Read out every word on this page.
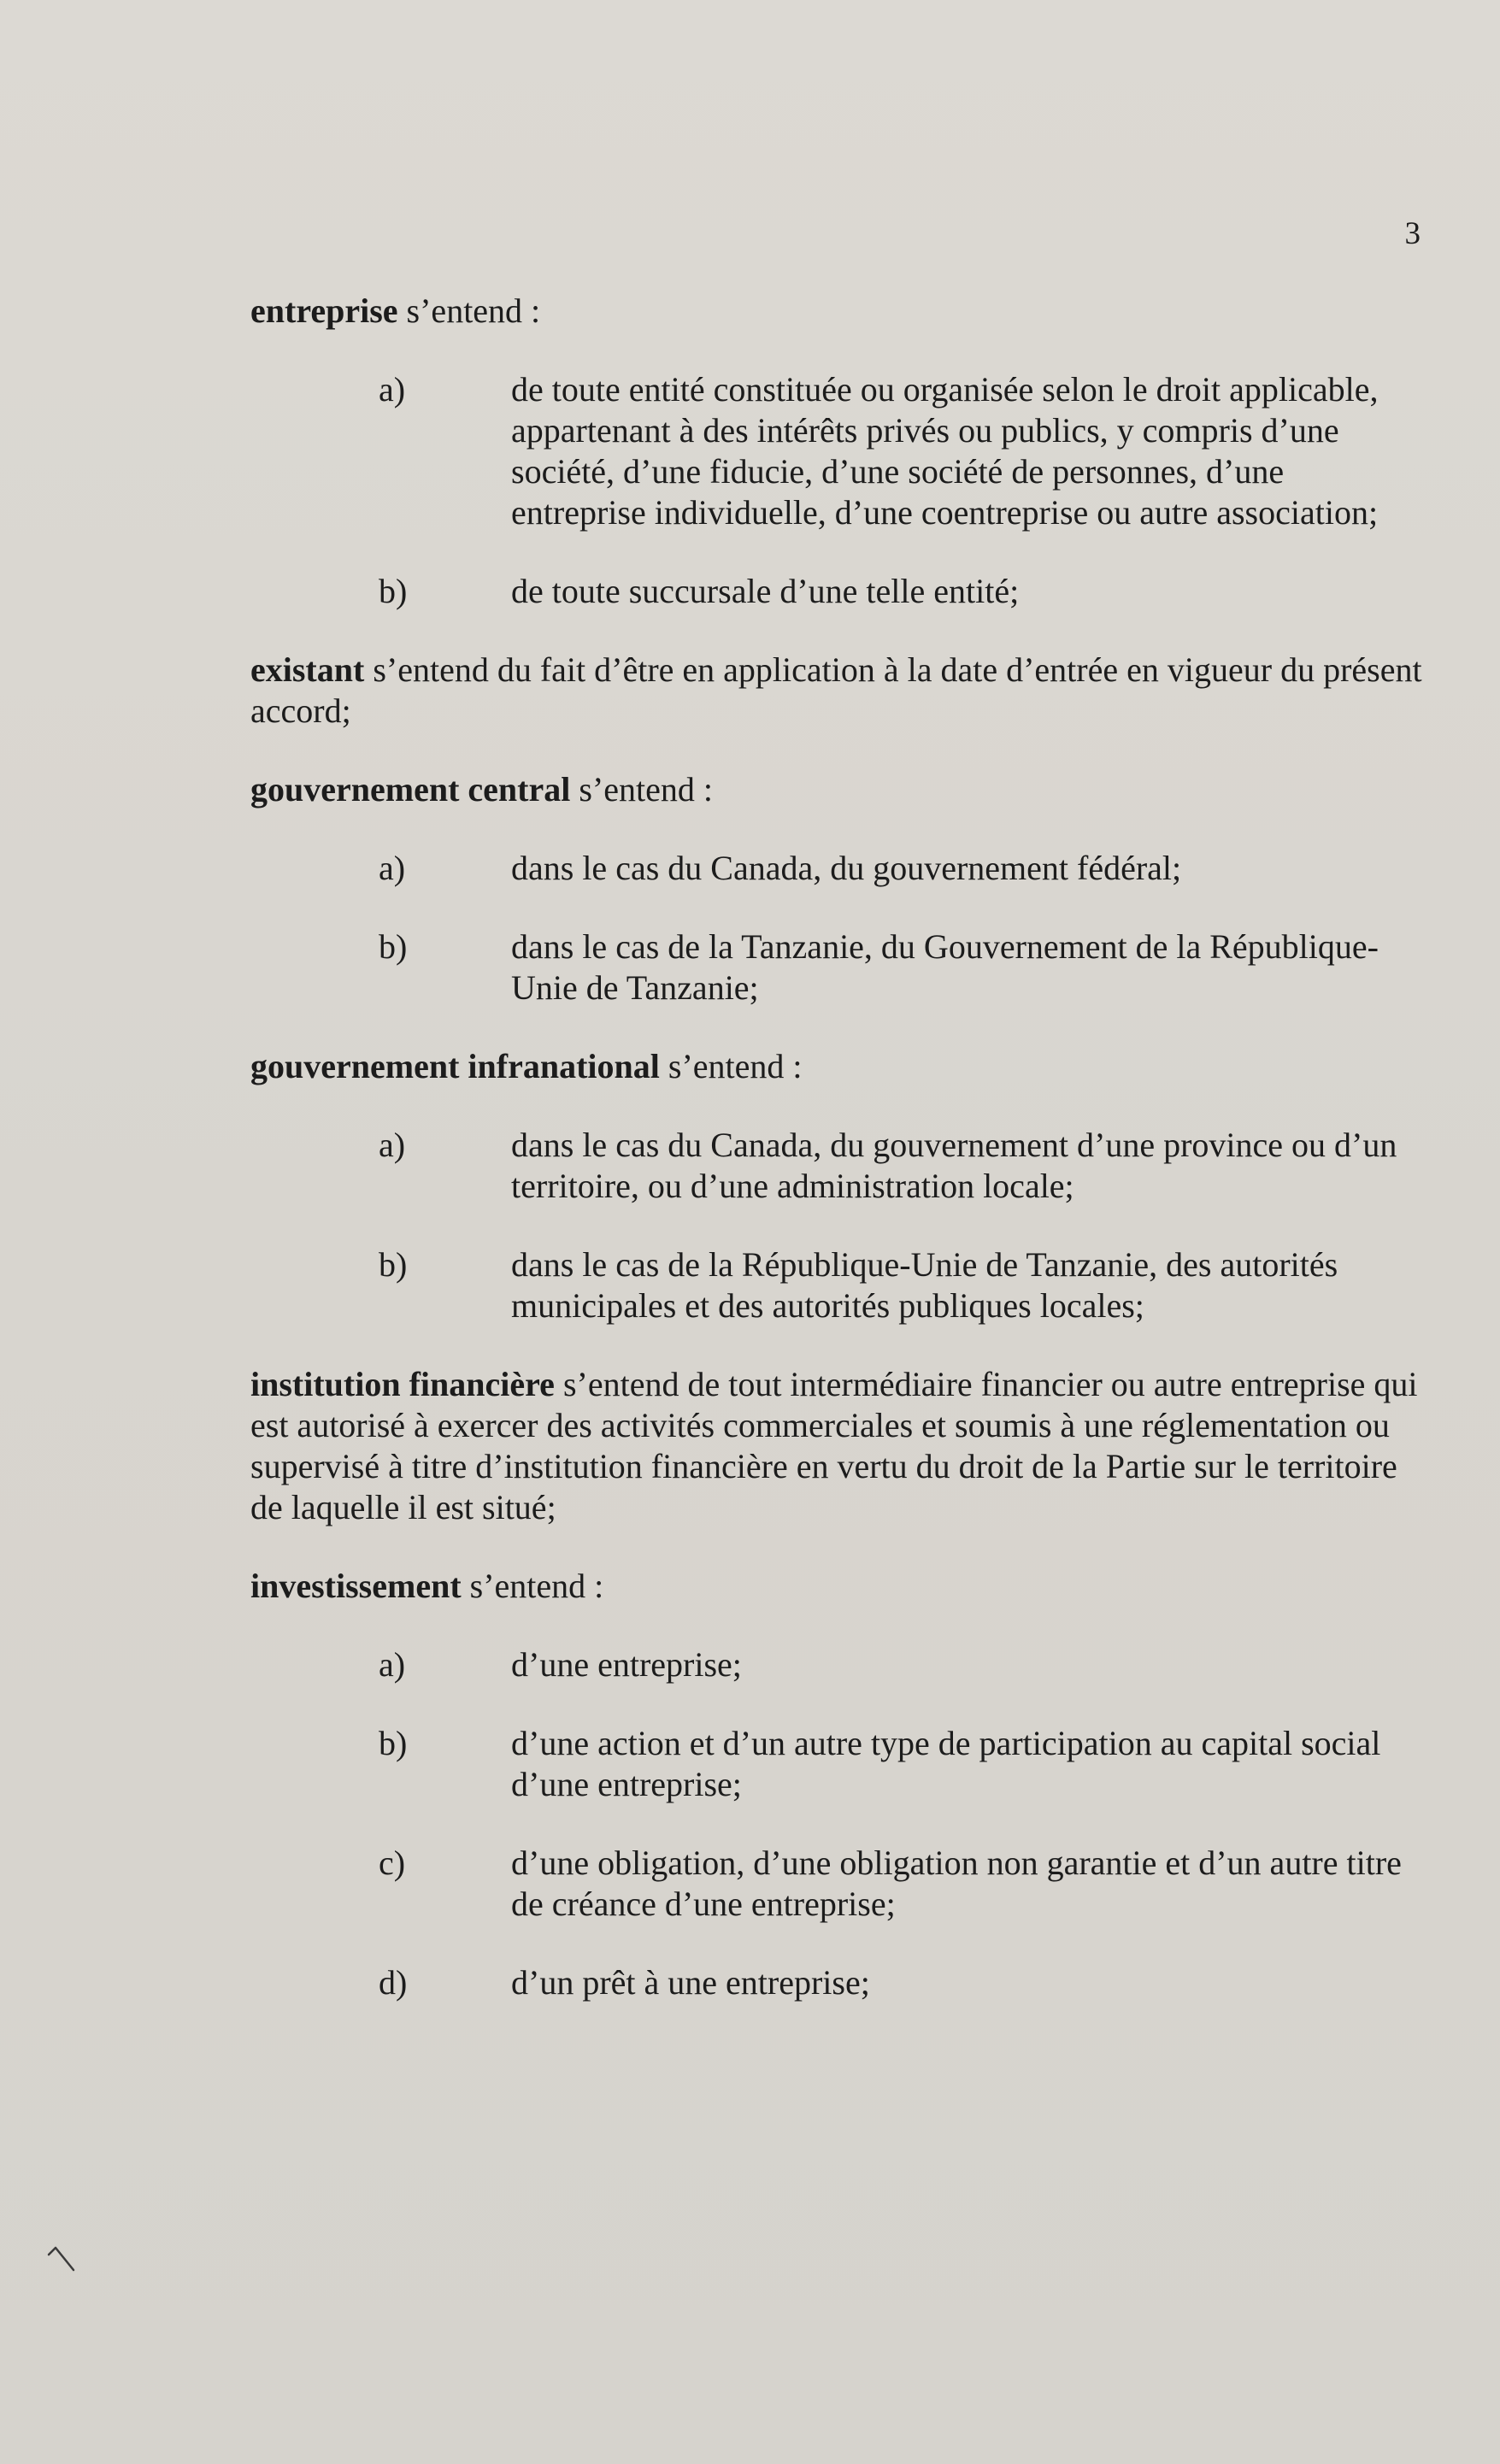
3

entreprise s’entend :

a)	de toute entité constituée ou organisée selon le droit applicable, appartenant à des intérêts privés ou publics, y compris d’une société, d’une fiducie, d’une société de personnes, d’une entreprise individuelle, d’une coentreprise ou autre association;
b)	de toute succursale d’une telle entité;

existant s’entend du fait d’être en application à la date d’entrée en vigueur du présent accord;

gouvernement central s’entend :

a)	dans le cas du Canada, du gouvernement fédéral;
b)	dans le cas de la Tanzanie, du Gouvernement de la République-Unie de Tanzanie;

gouvernement infranational s’entend :

a)	dans le cas du Canada, du gouvernement d’une province ou d’un territoire, ou d’une administration locale;
b)	dans le cas de la République-Unie de Tanzanie, des autorités municipales et des autorités publiques locales;

institution financière s’entend de tout intermédiaire financier ou autre entreprise qui est autorisé à exercer des activités commerciales et soumis à une réglementation ou supervisé à titre d’institution financière en vertu du droit de la Partie sur le territoire de laquelle il est situé;

investissement s’entend :

a)	d’une entreprise;
b)	d’une action et d’un autre type de participation au capital social d’une entreprise;
c)	d’une obligation, d’une obligation non garantie et d’un autre titre de créance d’une entreprise;
d)	d’un prêt à une entreprise;
